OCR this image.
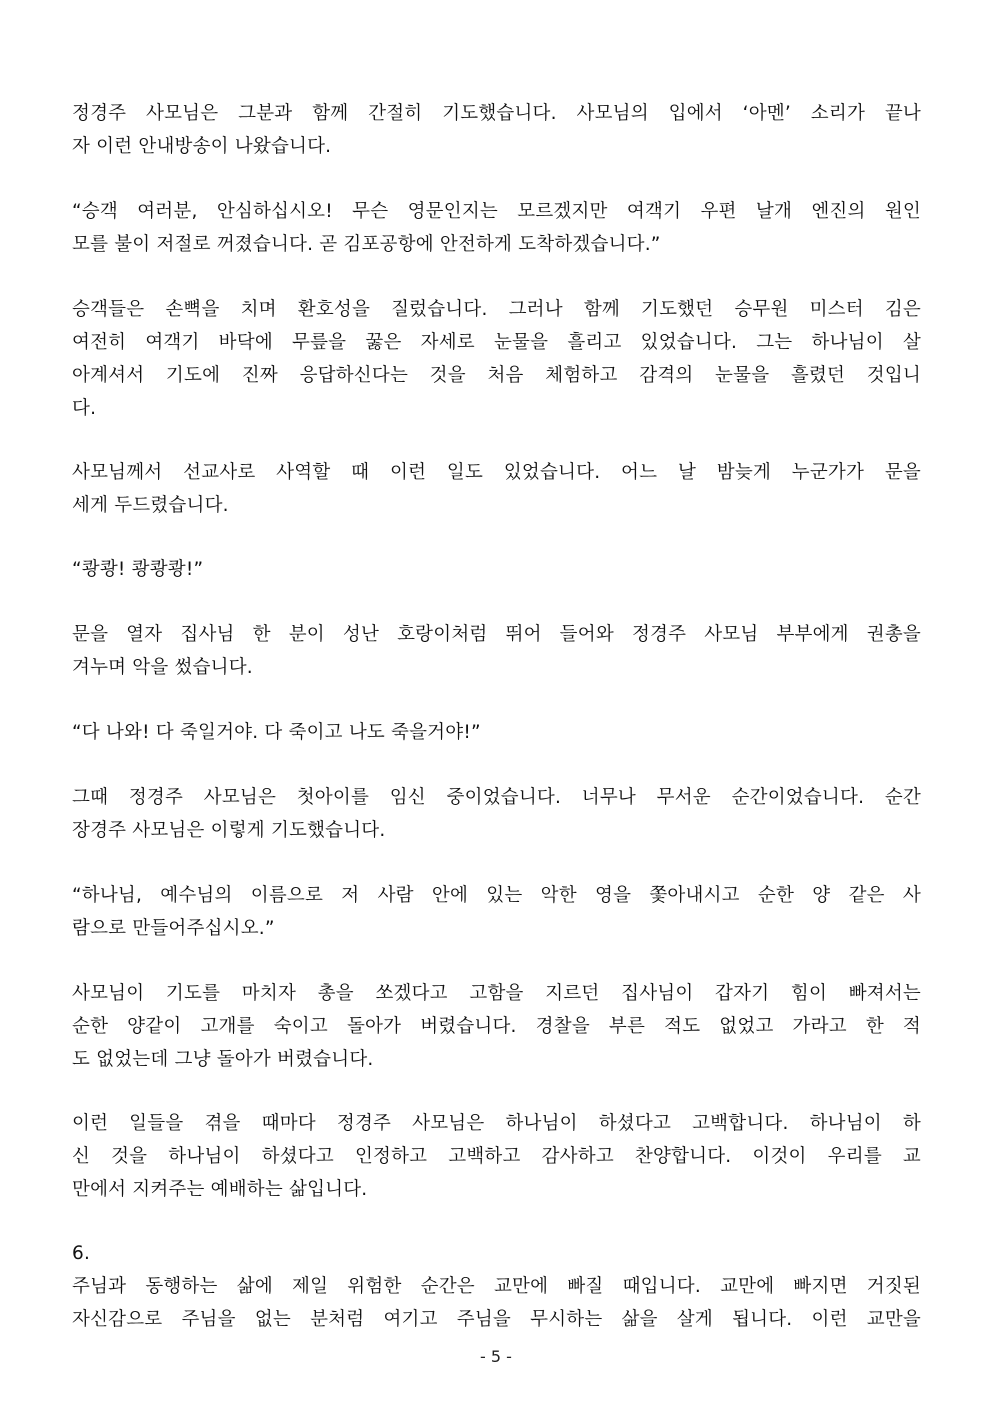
정경주 사모님은 그분과 함께 간절히 기도했습니다. 사모님의 입에서 ‘아멘’ 소리가 끝나
자 이런 안내방송이 나왔습니다.

“승객 여러분, 안심하십시오! 무슨 영문인지는 모르겠지만 여객기 우편 날개 엔진의 원인
모를 불이 저절로 꺼졌습니다. 곧 김포공항에 안전하게 도착하겠습니다.”

승객들은 손뼉을 치며 환호성을 질렀습니다. 그러나 함께 기도했던 승무원 미스터 김은
여전히 여객기 바닥에 무릎을 꿇은 자세로 눈물을 흘리고 있었습니다. 그는 하나님이 살
아계셔서 기도에 진짜 응답하신다는 것을 처음 체험하고 감격의 눈물을 흘렸던 것입니
다.

사모님께서 선교사로 사역할 때 이런 일도 있었습니다. 어느 날 밤늦게 누군가가 문을
세게 두드렸습니다.

“쾅쾅! 쾅쾅쾅!”

문을 열자 집사님 한 분이 성난 호랑이처럼 뛰어 들어와 정경주 사모님 부부에게 권총을
겨누며 악을 썼습니다.

“다 나와! 다 죽일거야. 다 죽이고 나도 죽을거야!”

그때 정경주 사모님은 첫아이를 임신 중이었습니다. 너무나 무서운 순간이었습니다. 순간
장경주 사모님은 이렇게 기도했습니다.

“하나님, 예수님의 이름으로 저 사람 안에 있는 악한 영을 쫓아내시고 순한 양 같은 사
람으로 만들어주십시오.”

사모님이 기도를 마치자 총을 쏘겠다고 고함을 지르던 집사님이 갑자기 힘이 빠져서는
순한 양같이 고개를 숙이고 돌아가 버렸습니다. 경찰을 부른 적도 없었고 가라고 한 적
도 없었는데 그냥 돌아가 버렸습니다.

이런 일들을 겪을 때마다 정경주 사모님은 하나님이 하셨다고 고백합니다. 하나님이 하
신 것을 하나님이 하셨다고 인정하고 고백하고 감사하고 찬양합니다. 이것이 우리를 교
만에서 지켜주는 예배하는 삶입니다.

6.
주님과 동행하는 삶에 제일 위험한 순간은 교만에 빠질 때입니다. 교만에 빠지면 거짓된
자신감으로 주님을 없는 분처럼 여기고 주님을 무시하는 삶을 살게 됩니다. 이런 교만을

- 5 -
